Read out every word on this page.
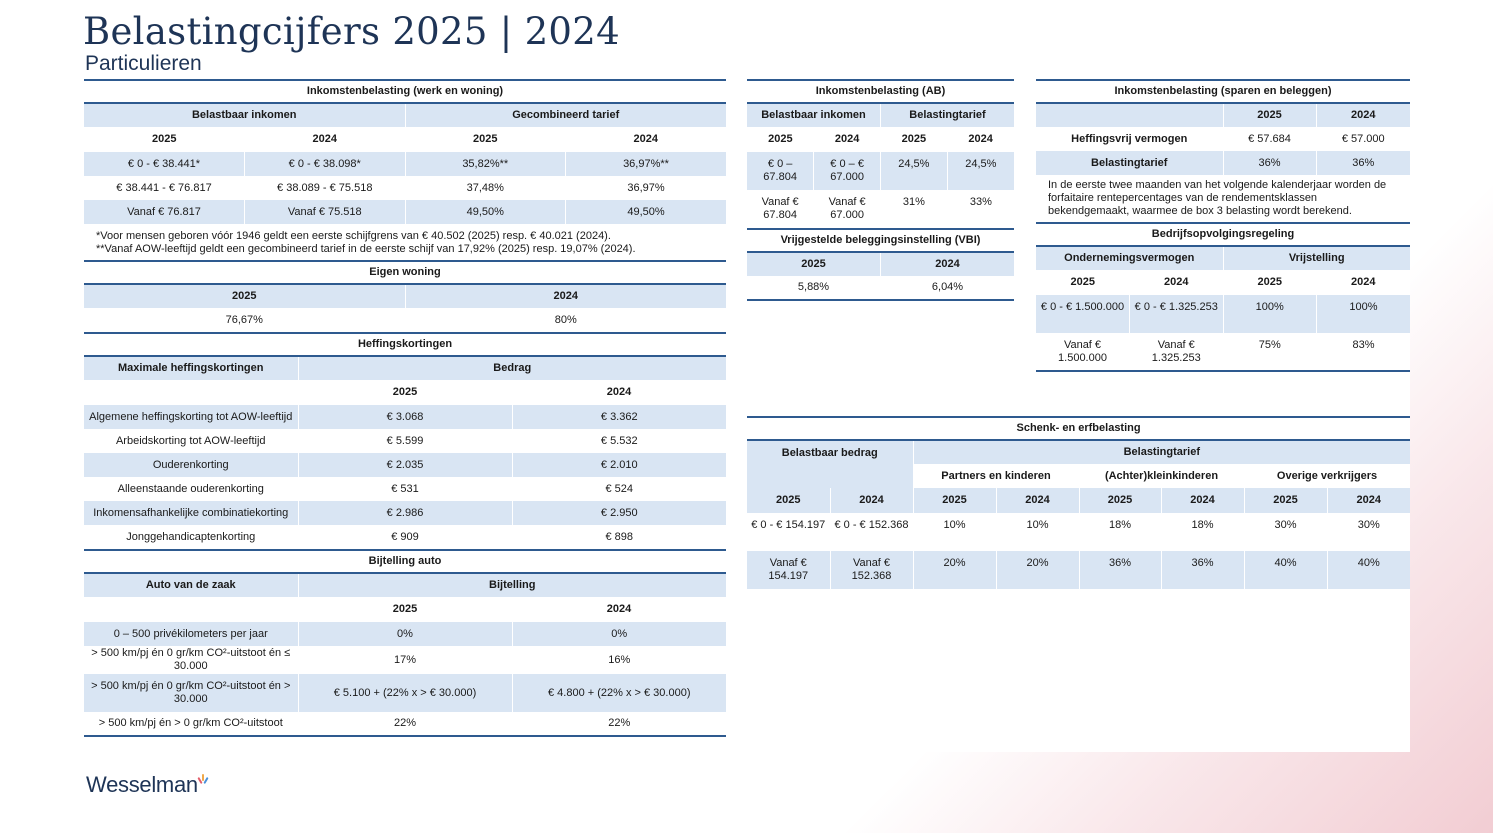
Belastingcijfers 2025 | 2024
Particulieren
Inkomstenbelasting (werk en woning)			
Belastbaar inkomen		Gecombineerd tarief	
2025	2024	2025	2024
€ 0 - € 38.441*	€ 0 - € 38.098*	35,82%**	36,97%**
€ 38.441 - € 76.817	€ 38.089 - € 75.518	37,48%	36,97%
Vanaf € 76.817	Vanaf € 75.518	49,50%	49,50%
*Voor mensen geboren vóór 1946 geldt een eerste schijfgrens van € 40.502 (2025) resp. € 40.021 (2024).
**Vanaf AOW-leeftijd geldt een gecombineerd tarief in de eerste schijf van 17,92% (2025) resp. 19,07% (2024).
Eigen woning	
2025	2024
76,67%	80%
Heffingskortingen		
Maximale heffingskortingen	Bedrag	
	2025	2024
Algemene heffingskorting tot AOW-leeftijd	€ 3.068	€ 3.362
Arbeidskorting tot AOW-leeftijd	€ 5.599	€ 5.532
Ouderenkorting	€ 2.035	€ 2.010
Alleenstaande ouderenkorting	€ 531	€ 524
Inkomensafhankelijke combinatiekorting	€ 2.986	€ 2.950
Jonggehandicaptenkorting	€ 909	€ 898
Bijtelling auto		
Auto van de zaak	Bijtelling	
	2025	2024
0 – 500 privékilometers per jaar	0%	0%
> 500 km/pj én 0 gr/km CO²-uitstoot én ≤ 30.000	17%	16%
> 500 km/pj én 0 gr/km CO²-uitstoot én > 30.000	€ 5.100 + (22% x > € 30.000)	€ 4.800 + (22% x > € 30.000)
> 500 km/pj én > 0 gr/km CO²-uitstoot	22%	22%
Inkomstenbelasting (AB)			
Belastbaar inkomen		Belastingtarief	
2025	2024	2025	2024
€ 0 – 67.804	€ 0 – € 67.000	24,5%	24,5%
Vanaf € 67.804	Vanaf € 67.000	31%	33%
Vrijgestelde beleggingsinstelling (VBI)	
2025	2024
5,88%	6,04%
Inkomstenbelasting (sparen en beleggen)		
	2025	2024
Heffingsvrij vermogen	€ 57.684	€ 57.000
Belastingtarief	36%	36%
In de eerste twee maanden van het volgende kalenderjaar worden de forfaitaire rentepercentages van de rendementsklassen bekendgemaakt, waarmee de box 3 belasting wordt berekend.
Bedrijfsopvolgingsregeling			
Ondernemingsvermogen		Vrijstelling	
2025	2024	2025	2024
€ 0 - € 1.500.000	€ 0 - € 1.325.253	100%	100%
Vanaf € 1.500.000	Vanaf € 1.325.253	75%	83%
Schenk- en erfbelasting							
Belastbaar bedrag		Belastingtarief					
		Partners en kinderen		(Achter)kleinkinderen		Overige verkrijgers	
2025	2024	2025	2024	2025	2024	2025	2024
€ 0 - € 154.197	€ 0 - € 152.368	10%	10%	18%	18%	30%	30%
Vanaf € 154.197	Vanaf € 152.368	20%	20%	36%	36%	40%	40%
Wesselman
